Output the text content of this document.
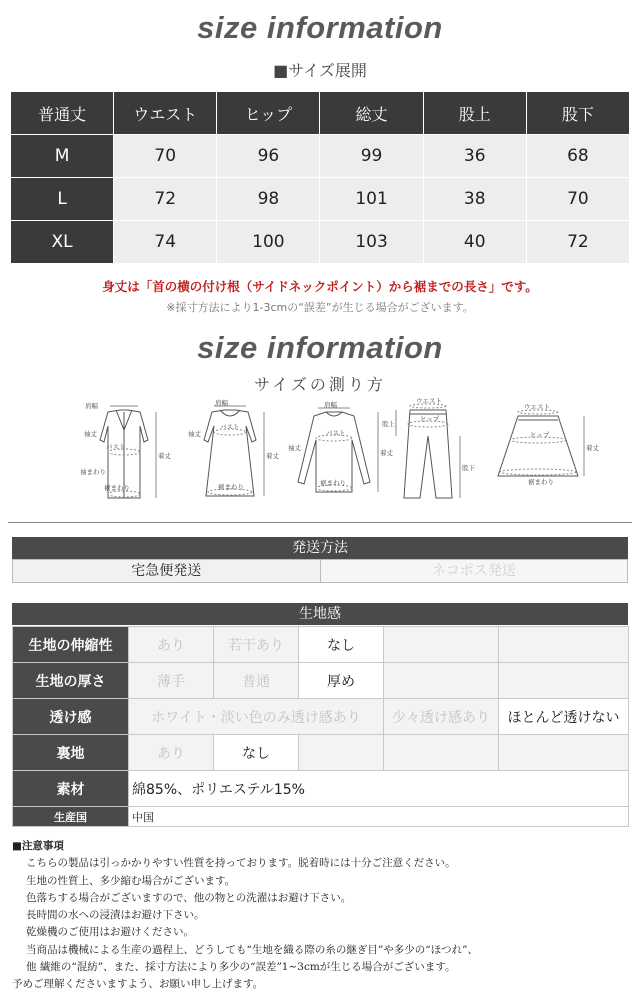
size information
■サイズ展開
普通丈	ウエスト	ヒップ	総丈	股上	股下
M	70	96	99	36	68
L	72	98	101	38	70
XL	74	100	103	40	72
身丈は「首の横の付け根（サイドネックポイント）から裾までの長さ」です。
※採寸方法により1-3cmの“誤差”が生じる場合がございます。
size information
サイズの測り方
肩幅
バスト
着丈
袖丈
袖まわり
裾まわり
肩幅
バスト
着丈
袖丈
裾まわり
肩幅
バスト
着丈
袖丈
裾まわり
ウエスト
ヒップ
股上
股下
ウエスト
ヒップ
着丈
裾まわり
発送方法
宅急便発送	ネコポス発送
生地感
生地の伸縮性	あり	若干あり	なし		
生地の厚さ	薄手	普通	厚め		
透け感	ホワイト・淡い色のみ透け感あり			少々透け感あり	ほとんど透けない
裏地	あり	なし			
素材	綿85%、ポリエステル15%				
生産国	中国				
■注意事項
こちらの製品は引っかかりやすい性質を持っております。脱着時には十分ご注意ください。
生地の性質上、多少縮む場合がございます。
色落ちする場合がございますので、他の物との洗濯はお避け下さい。
長時間の水への浸漬はお避け下さい。
乾燥機のご使用はお避けください。
当商品は機械による生産の過程上、どうしても“生地を織る際の糸の継ぎ目”や多少の“ほつれ”、
他 繊維の“混紡”、また、採寸方法により多少の“誤差”1~3cmが生じる場合がございます。
予めご理解くださいますよう、お願い申し上げます。
